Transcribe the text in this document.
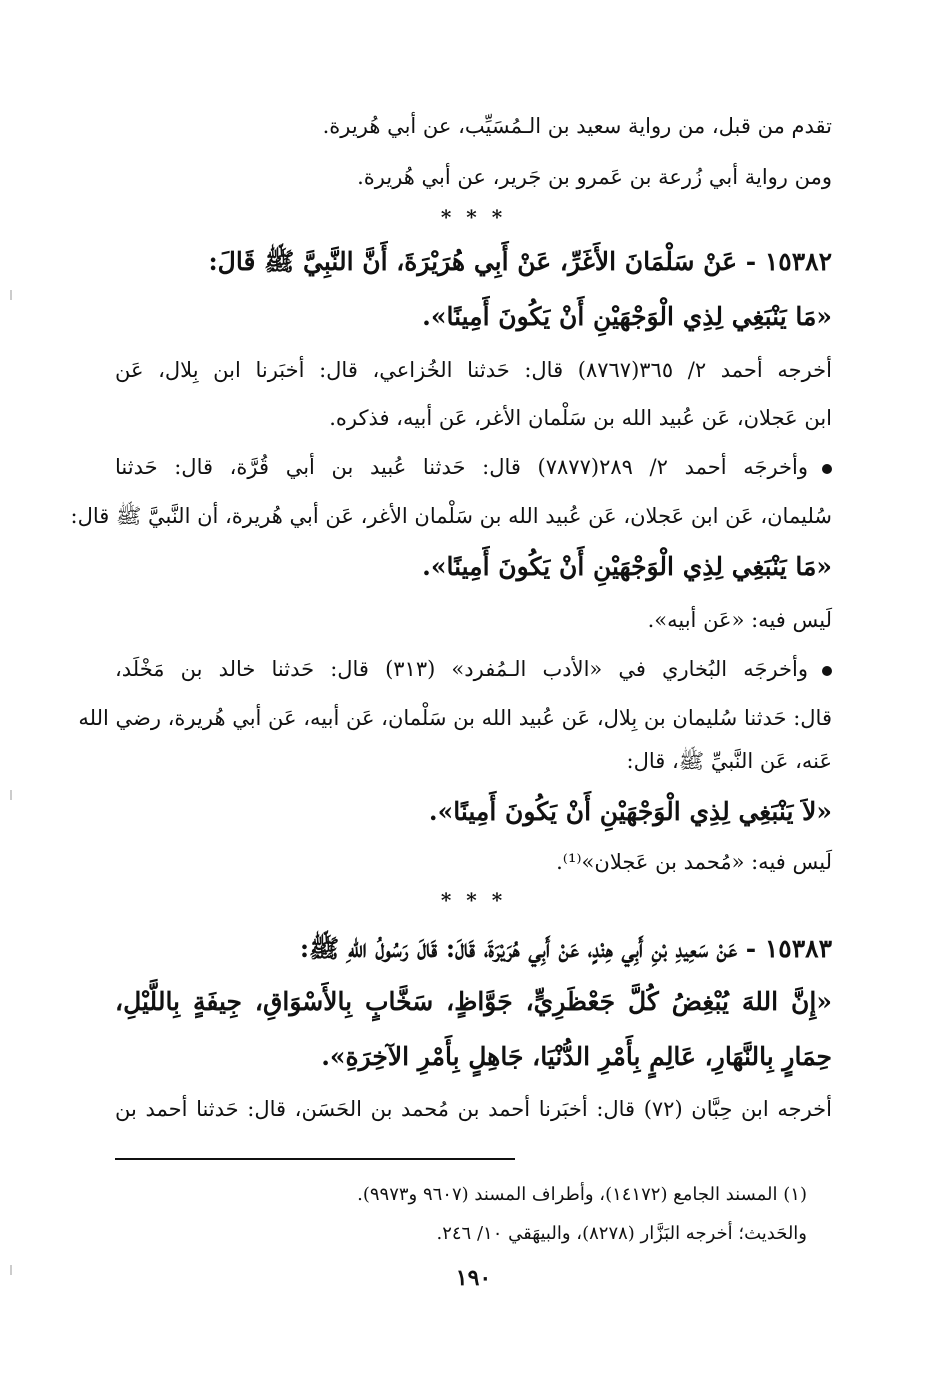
تقدم من قبل، من رواية سعيد بن الـمُسَيِّب، عن أبي هُريرة.
ومن رواية أبي زُرعة بن عَمرو بن جَرير، عن أبي هُريرة.
* * *
١٥٣٨٢ - عَنْ سَلْمَانَ الأَغَرِّ، عَنْ أَبِي هُرَيْرَةَ، أَنَّ النَّبِيَّ ﷺ قَالَ:
«مَا يَنْبَغِي لِذِي الْوَجْهَيْنِ أَنْ يَكُونَ أَمِينًا».
أخرجه أحمد ٢/ ٣٦٥(٨٧٦٧) قال: حَدثنا الخُزاعي، قال: أخبَرنا ابن بِلال، عَن
ابن عَجلان، عَن عُبيد الله بن سَلْمان الأغر، عَن أبيه، فذكره.
وأخرجَه أحمد ٢/ ٢٨٩(٧٨٧٧) قال: حَدثنا عُبيد بن أبي قُرَّة، قال: حَدثنا
سُليمان، عَن ابن عَجلان، عَن عُبيد الله بن سَلْمان الأغر، عَن أبي هُريرة، أن النَّبيَّ ﷺ قال:
«مَا يَنْبَغِي لِذِي الْوَجْهَيْنِ أَنْ يَكُونَ أَمِينًا».
لَيس فيه: «عَن أبيه».
وأخرجَه البُخاري في «الأدب الـمُفرد» (٣١٣) قال: حَدثنا خالد بن مَخْلَد،
قال: حَدثنا سُليمان بن بِلال، عَن عُبيد الله بن سَلْمان، عَن أبيه، عَن أبي هُريرة، رضي الله
عَنه، عَن النَّبيِّ ﷺ، قال:
«لاَ يَنْبَغِي لِذِي الْوَجْهَيْنِ أَنْ يَكُونَ أَمِينًا».
لَيس فيه: «مُحمد بن عَجلان»⁽¹⁾.
* * *
١٥٣٨٣ - عَنْ سَعِيدِ بْنِ أَبِي هِنْدٍ، عَنْ أَبِي هُرَيْرَةَ، قَالَ: قَالَ رَسُولُ اللهِ ﷺ:
«إِنَّ اللهَ يُبْغِضُ كُلَّ جَعْظَرِيٍّ، جَوَّاظٍ، سَخَّابٍ بِالأَسْوَاقِ، جِيفَةٍ بِاللَّيْلِ،
حِمَارٍ بِالنَّهَارِ، عَالِمٍ بِأَمْرِ الدُّنْيَا، جَاهِلٍ بِأَمْرِ الآخِرَةِ».
أخرجه ابن حِبَّان (٧٢) قال: أخبَرنا أحمد بن مُحمد بن الحَسَن، قال: حَدثنا أحمد بن
(١) المسند الجامع (١٤١٧٢)، وأطراف المسند (٩٦٠٧ و٩٩٧٣).
والحَديث؛ أخرجه البَزَّار (٨٢٧٨)، والبيهَقي ١٠/ ٢٤٦.
١٩٠
